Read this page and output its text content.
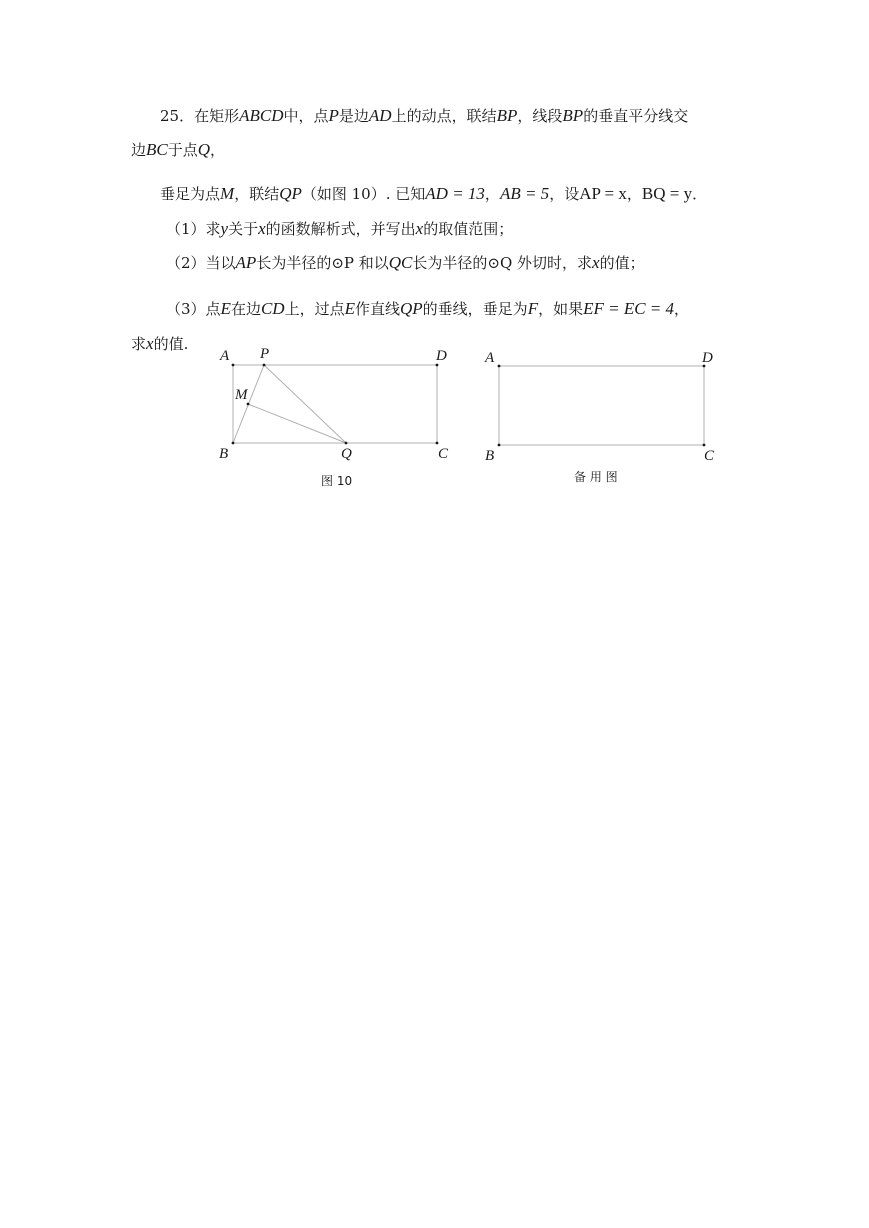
25．在矩形ABCD中，点P是边AD上的动点，联结BP，线段BP的垂直平分线交
边BC于点Q，
垂足为点M，联结QP（如图 10）. 已知AD = 13，AB = 5，设AP = x，BQ = y．
（1）求y关于x的函数解析式，并写出x的取值范围；
（2）当以AP长为半径的⊙P 和以QC长为半径的⊙Q 外切时，求x的值；
（3）点E在边CD上，过点E作直线QP的垂线，垂足为F，如果EF = EC = 4，
求x的值.
A P	D
M
B	Q	C
图 10
A	D
B	C
备 用 图
